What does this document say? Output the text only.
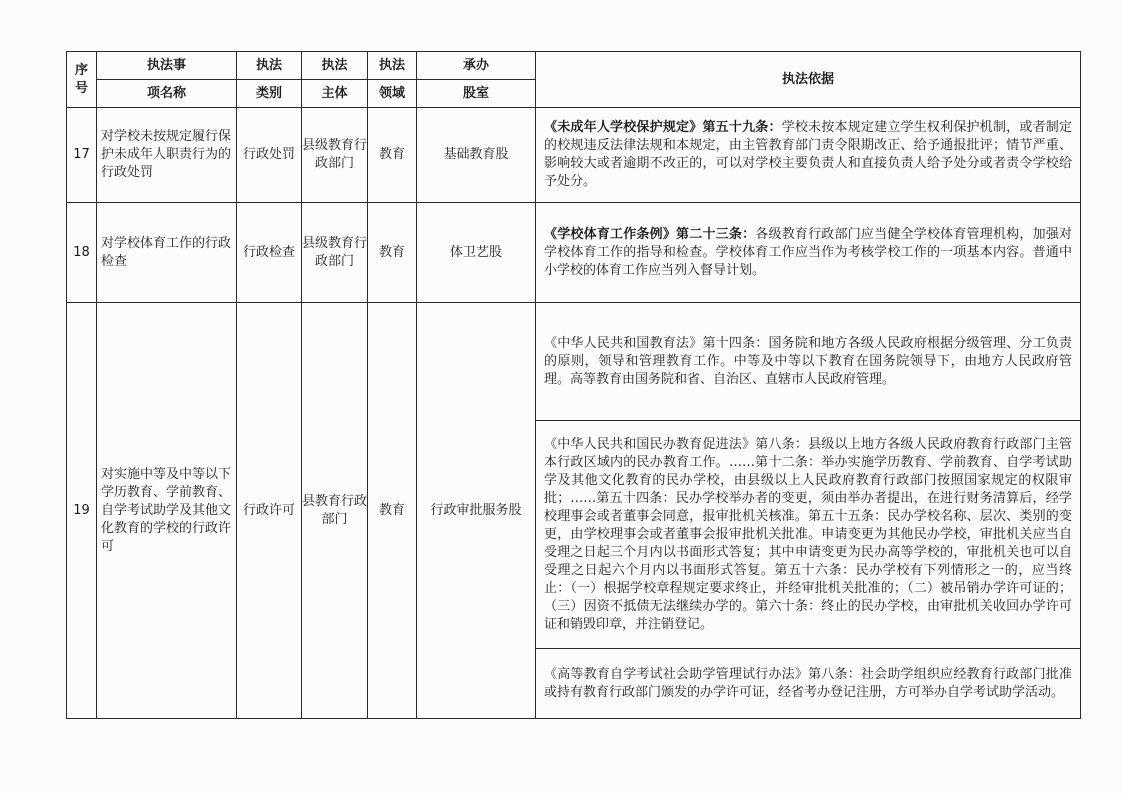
序
号	执法事	执法	执法	执法	承办	执法依据
	项名称	类别	主体	领域	股室	
17	对学校未按规定履行保护未成年人职责行为的行政处罚	行政处罚	县级教育行政部门	教育	基础教育股	《未成年人学校保护规定》第五十九条：学校未按本规定建立学生权利保护机制，或者制定的校规违反法律法规和本规定，由主管教育部门责令限期改正、给予通报批评；情节严重、影响较大或者逾期不改正的，可以对学校主要负责人和直接负责人给予处分或者责令学校给予处分。
18	对学校体育工作的行政检查	行政检查	县级教育行政部门	教育	体卫艺股	《学校体育工作条例》第二十三条：各级教育行政部门应当健全学校体育管理机构，加强对学校体育工作的指导和检查。学校体育工作应当作为考核学校工作的一项基本内容。普通中小学校的体育工作应当列入督导计划。
19	对实施中等及中等以下学历教育、学前教育、自学考试助学及其他文化教育的学校的行政许可	行政许可	县教育行政部门	教育	行政审批服务股	《中华人民共和国教育法》第十四条：国务院和地方各级人民政府根据分级管理、分工负责的原则，领导和管理教育工作。中等及中等以下教育在国务院领导下，由地方人民政府管理。高等教育由国务院和省、自治区、直辖市人民政府管理。
						《中华人民共和国民办教育促进法》第八条：县级以上地方各级人民政府教育行政部门主管本行政区域内的民办教育工作。……第十二条：举办实施学历教育、学前教育、自学考试助学及其他文化教育的民办学校，由县级以上人民政府教育行政部门按照国家规定的权限审批；……第五十四条：民办学校举办者的变更，须由举办者提出，在进行财务清算后，经学校理事会或者董事会同意，报审批机关核准。第五十五条：民办学校名称、层次、类别的变更，由学校理事会或者董事会报审批机关批准。申请变更为其他民办学校，审批机关应当自受理之日起三个月内以书面形式答复；其中申请变更为民办高等学校的，审批机关也可以自受理之日起六个月内以书面形式答复。第五十六条：民办学校有下列情形之一的，应当终止：（一）根据学校章程规定要求终止，并经审批机关批准的；（二）被吊销办学许可证的；（三）因资不抵债无法继续办学的。第六十条：终止的民办学校，由审批机关收回办学许可证和销毁印章，并注销登记。
						《高等教育自学考试社会助学管理试行办法》第八条：社会助学组织应经教育行政部门批准或持有教育行政部门颁发的办学许可证，经省考办登记注册，方可举办自学考试助学活动。
